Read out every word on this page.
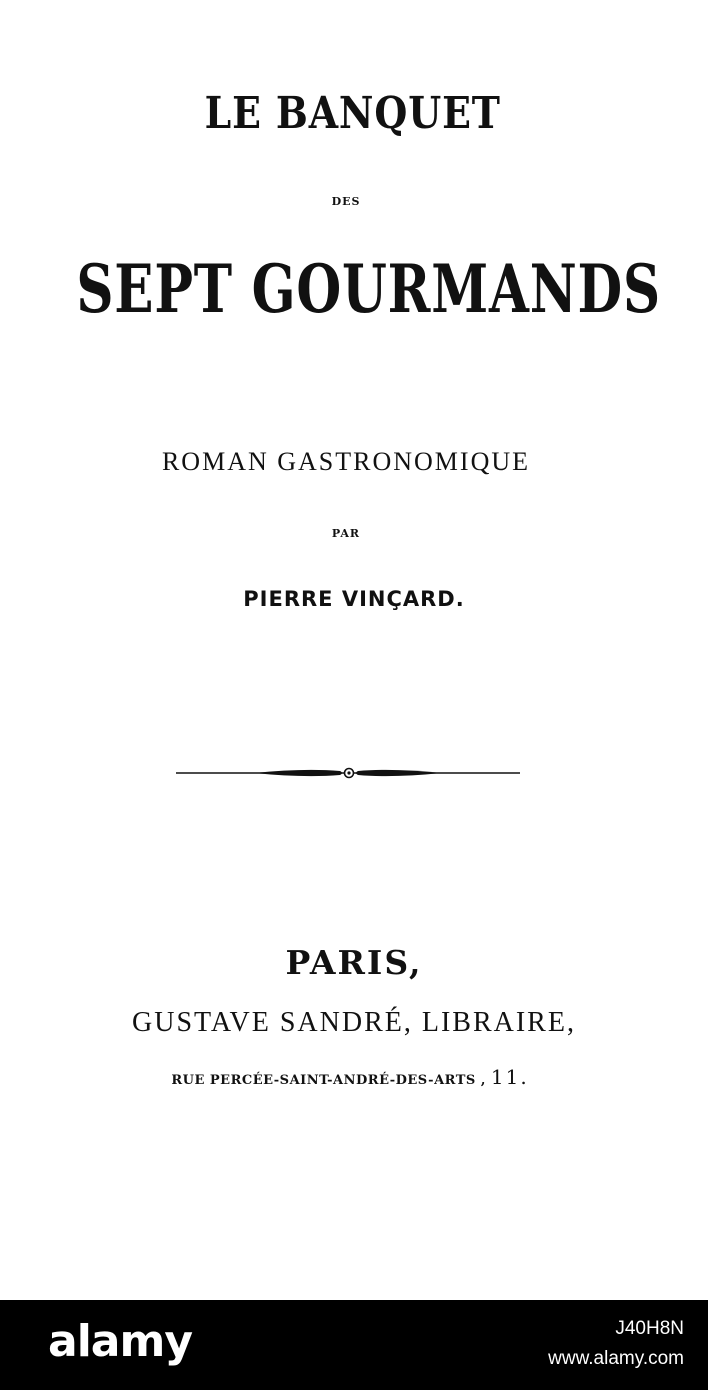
LE BANQUET
DES
SEPT GOURMANDS
ROMAN GASTRONOMIQUE
PAR
PIERRE VINÇARD.
PARIS,
GUSTAVE SANDRÉ, LIBRAIRE,
RUE PERCÉE-SAINT-ANDRÉ-DES-ARTS , 11.
alamy	J40H8N
www.alamy.com
